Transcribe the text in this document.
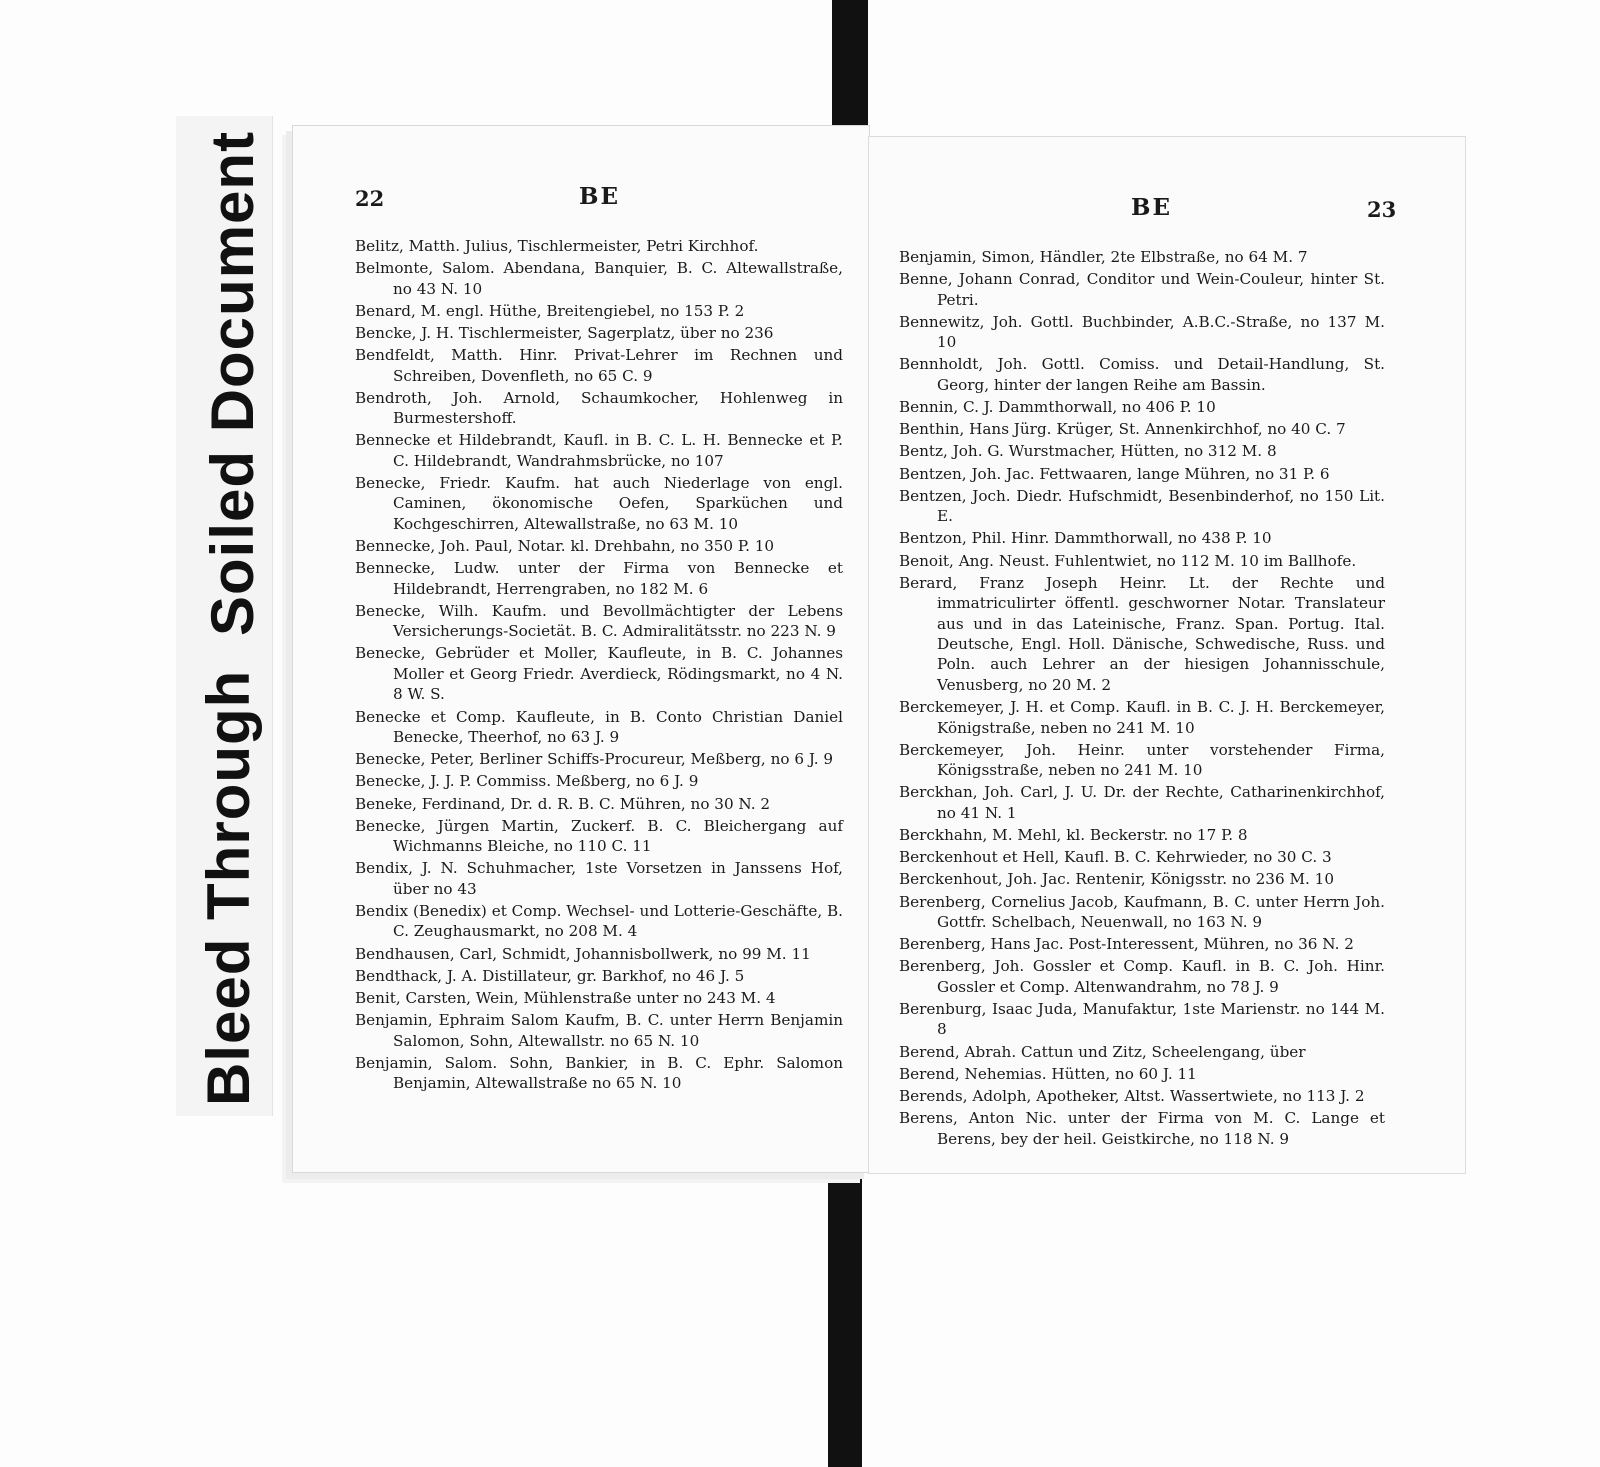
Soiled Document
Bleed Through
22	BE
Belitz, Matth. Julius, Tischlermeister, Petri Kirchhof.
Belmonte, Salom. Abendana, Banquier, B. C. Altewallstraße, no 43 N. 10
Benard, M. engl. Hüthe, Breitengiebel, no 153 P. 2
Bencke, J. H. Tischlermeister, Sagerplatz, über no 236
Bendfeldt, Matth. Hinr. Privat-Lehrer im Rechnen und Schreiben, Dovenfleth, no 65 C. 9
Bendroth, Joh. Arnold, Schaumkocher, Hohlenweg in Burmestershoff.
Bennecke et Hildebrandt, Kaufl. in B. C. L. H. Bennecke et P. C. Hildebrandt, Wandrahmsbrücke, no 107
Benecke, Friedr. Kaufm. hat auch Niederlage von engl. Caminen, ökonomische Oefen, Sparküchen und Kochgeschirren, Altewallstraße, no 63 M. 10
Bennecke, Joh. Paul, Notar. kl. Drehbahn, no 350 P. 10
Bennecke, Ludw. unter der Firma von Bennecke et Hildebrandt, Herrengraben, no 182 M. 6
Benecke, Wilh. Kaufm. und Bevollmächtigter der Lebens Versicherungs-Societät. B. C. Admiralitätsstr. no 223 N. 9
Benecke, Gebrüder et Moller, Kaufleute, in B. C. Johannes Moller et Georg Friedr. Averdieck, Rödingsmarkt, no 4 N. 8 W. S.
Benecke et Comp. Kaufleute, in B. Conto Christian Daniel Benecke, Theerhof, no 63 J. 9
Benecke, Peter, Berliner Schiffs-Procureur, Meßberg, no 6 J. 9
Benecke, J. J. P. Commiss. Meßberg, no 6 J. 9
Beneke, Ferdinand, Dr. d. R. B. C. Mühren, no 30 N. 2
Benecke, Jürgen Martin, Zuckerf. B. C. Bleichergang auf Wichmanns Bleiche, no 110 C. 11
Bendix, J. N. Schuhmacher, 1ste Vorsetzen in Janssens Hof, über no 43
Bendix (Benedix) et Comp. Wechsel- und Lotterie-Geschäfte, B. C. Zeughausmarkt, no 208 M. 4
Bendhausen, Carl, Schmidt, Johannisbollwerk, no 99 M. 11
Bendthack, J. A. Distillateur, gr. Barkhof, no 46 J. 5
Benit, Carsten, Wein, Mühlenstraße unter no 243 M. 4
Benjamin, Ephraim Salom Kaufm, B. C. unter Herrn Benjamin Salomon, Sohn, Altewallstr. no 65 N. 10
Benjamin, Salom. Sohn, Bankier, in B. C. Ephr. Salomon Benjamin, Altewallstraße no 65 N. 10
BE	23
Benjamin, Simon, Händler, 2te Elbstraße, no 64 M. 7
Benne, Johann Conrad, Conditor und Wein-Couleur, hinter St. Petri.
Bennewitz, Joh. Gottl. Buchbinder, A.B.C.-Straße, no 137 M. 10
Bennholdt, Joh. Gottl. Comiss. und Detail-Handlung, St. Georg, hinter der langen Reihe am Bassin.
Bennin, C. J. Dammthorwall, no 406 P. 10
Benthin, Hans Jürg. Krüger, St. Annenkirchhof, no 40 C. 7
Bentz, Joh. G. Wurstmacher, Hütten, no 312 M. 8
Bentzen, Joh. Jac. Fettwaaren, lange Mühren, no 31 P. 6
Bentzen, Joch. Diedr. Hufschmidt, Besenbinderhof, no 150 Lit. E.
Bentzon, Phil. Hinr. Dammthorwall, no 438 P. 10
Benoit, Ang. Neust. Fuhlentwiet, no 112 M. 10 im Ballhofe.
Berard, Franz Joseph Heinr. Lt. der Rechte und immatriculirter öffentl. geschworner Notar. Translateur aus und in das Lateinische, Franz. Span. Portug. Ital. Deutsche, Engl. Holl. Dänische, Schwedische, Russ. und Poln. auch Lehrer an der hiesigen Johannisschule, Venusberg, no 20 M. 2
Berckemeyer, J. H. et Comp. Kaufl. in B. C. J. H. Berckemeyer, Königstraße, neben no 241 M. 10
Berckemeyer, Joh. Heinr. unter vorstehender Firma, Königsstraße, neben no 241 M. 10
Berckhan, Joh. Carl, J. U. Dr. der Rechte, Catharinenkirchhof, no 41 N. 1
Berckhahn, M. Mehl, kl. Beckerstr. no 17 P. 8
Berckenhout et Hell, Kaufl. B. C. Kehrwieder, no 30 C. 3
Berckenhout, Joh. Jac. Rentenir, Königsstr. no 236 M. 10
Berenberg, Cornelius Jacob, Kaufmann, B. C. unter Herrn Joh. Gottfr. Schelbach, Neuenwall, no 163 N. 9
Berenberg, Hans Jac. Post-Interessent, Mühren, no 36 N. 2
Berenberg, Joh. Gossler et Comp. Kaufl. in B. C. Joh. Hinr. Gossler et Comp. Altenwandrahm, no 78 J. 9
Berenburg, Isaac Juda, Manufaktur, 1ste Marienstr. no 144 M. 8
Berend, Abrah. Cattun und Zitz, Scheelengang, über
Berend, Nehemias. Hütten, no 60 J. 11
Berends, Adolph, Apotheker, Altst. Wassertwiete, no 113 J. 2
Berens, Anton Nic. unter der Firma von M. C. Lange et Berens, bey der heil. Geistkirche, no 118 N. 9
